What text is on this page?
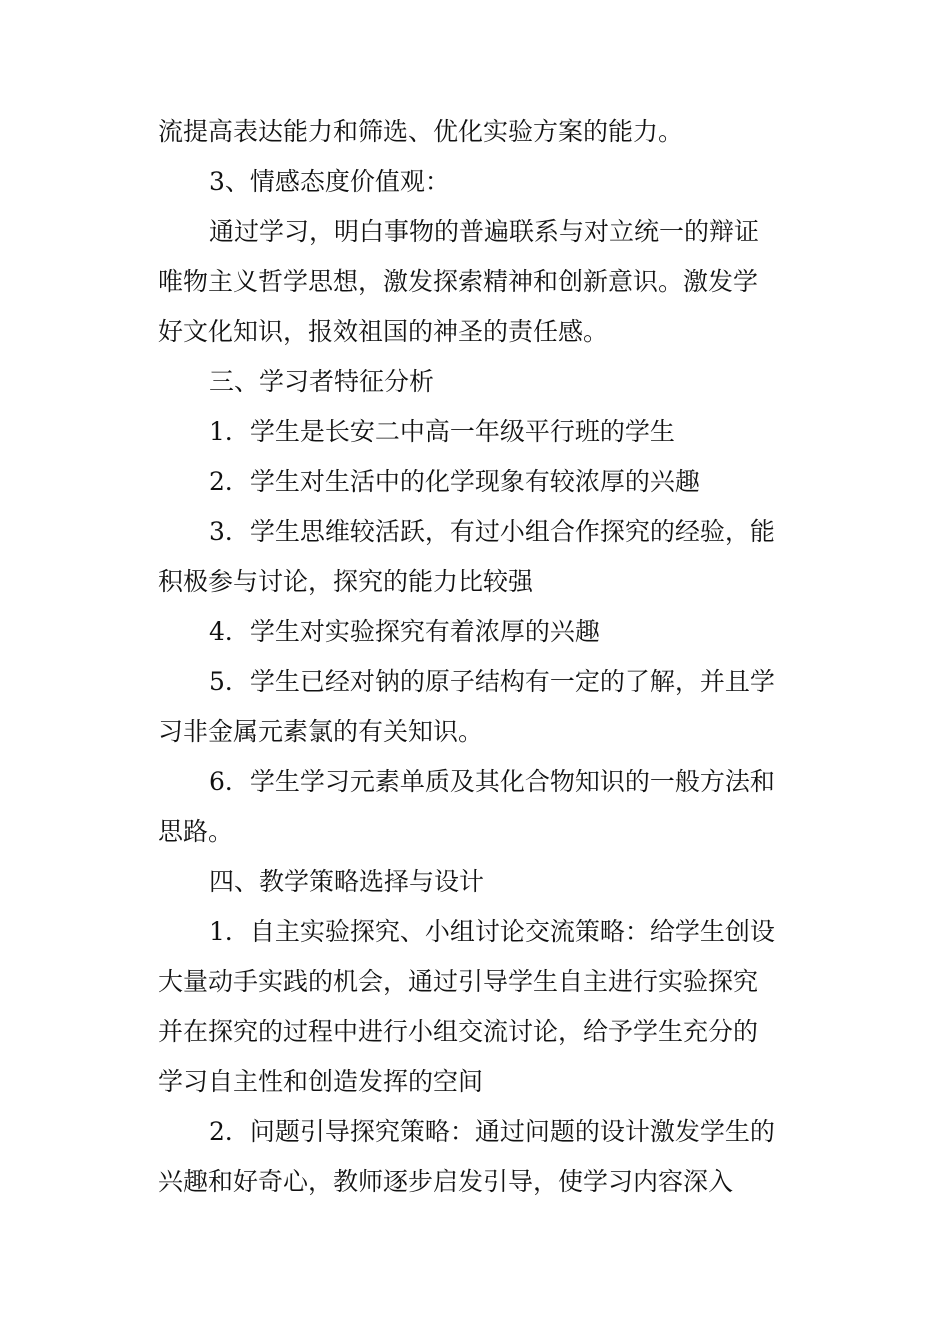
流提高表达能力和筛选、优化实验方案的能力。
3、情感态度价值观：
通过学习，明白事物的普遍联系与对立统一的辩证
唯物主义哲学思想，激发探索精神和创新意识。激发学
好文化知识，报效祖国的神圣的责任感。
三、学习者特征分析
1．学生是长安二中高一年级平行班的学生
2．学生对生活中的化学现象有较浓厚的兴趣
3．学生思维较活跃，有过小组合作探究的经验，能
积极参与讨论，探究的能力比较强
4．学生对实验探究有着浓厚的兴趣
5．学生已经对钠的原子结构有一定的了解，并且学
习非金属元素氯的有关知识。
6．学生学习元素单质及其化合物知识的一般方法和
思路。
四、教学策略选择与设计
1．自主实验探究、小组讨论交流策略：给学生创设
大量动手实践的机会，通过引导学生自主进行实验探究
并在探究的过程中进行小组交流讨论，给予学生充分的
学习自主性和创造发挥的空间
2．问题引导探究策略：通过问题的设计激发学生的
兴趣和好奇心，教师逐步启发引导，使学习内容深入
